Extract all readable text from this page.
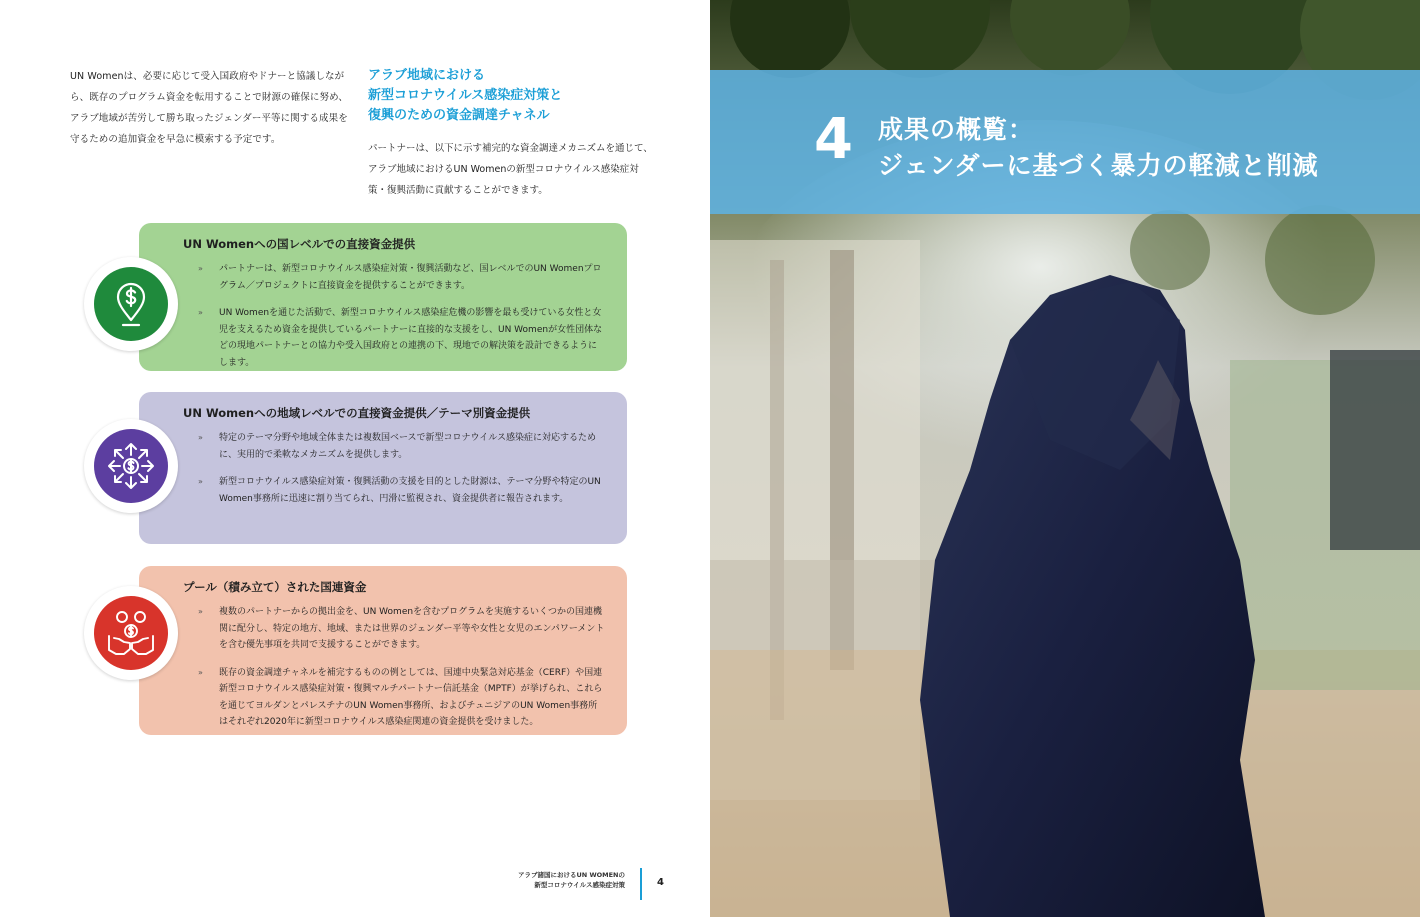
UN Womenは、必要に応じて受入国政府やドナーと協議しながら、既存のプログラム資金を転用することで財源の確保に努め、アラブ地域が苦労して勝ち取ったジェンダー平等に関する成果を守るための追加資金を早急に模索する予定です。

アラブ地域における
新型コロナウイルス感染症対策と
復興のための資金調達チャネル

パートナーは、以下に示す補完的な資金調達メカニズムを通じて、アラブ地域におけるUN Womenの新型コロナウイルス感染症対策・復興活動に貢献することができます。

UN Womenへの国レベルでの直接資金提供
» パートナーは、新型コロナウイルス感染症対策・復興活動など、国レベルでのUN Womenプログラム／プロジェクトに直接資金を提供することができます。
» UN Womenを通じた活動で、新型コロナウイルス感染症危機の影響を最も受けている女性と女児を支えるため資金を提供しているパートナーに直接的な支援をし、UN Womenが女性団体などの現地パートナーとの協力や受入国政府との連携の下、現地での解決策を設計できるようにします。
UN Womenへの地域レベルでの直接資金提供／テーマ別資金提供
» 特定のテーマ分野や地域全体または複数国ベースで新型コロナウイルス感染症に対応するために、実用的で柔軟なメカニズムを提供します。
» 新型コロナウイルス感染症対策・復興活動の支援を目的とした財源は、テーマ分野や特定のUN Women事務所に迅速に割り当てられ、円滑に監視され、資金提供者に報告されます。
プール（積み立て）された国連資金
» 複数のパートナーからの拠出金を、UN Womenを含むプログラムを実施するいくつかの国連機関に配分し、特定の地方、地域、または世界のジェンダー平等や女性と女児のエンパワーメントを含む優先事項を共同で支援することができます。
» 既存の資金調達チャネルを補完するものの例としては、国連中央緊急対応基金（CERF）や国連新型コロナウイルス感染症対策・復興マルチパートナー信託基金（MPTF）が挙げられ、これらを通じてヨルダンとパレスチナのUN Women事務所、およびチュニジアのUN Women事務所はそれぞれ2020年に新型コロナウイルス感染症関連の資金提供を受けました。

アラブ諸国におけるUN WOMENの
新型コロナウイルス感染症対策	4
4 成果の概覧：
ジェンダーに基づく暴力の軽減と削減
